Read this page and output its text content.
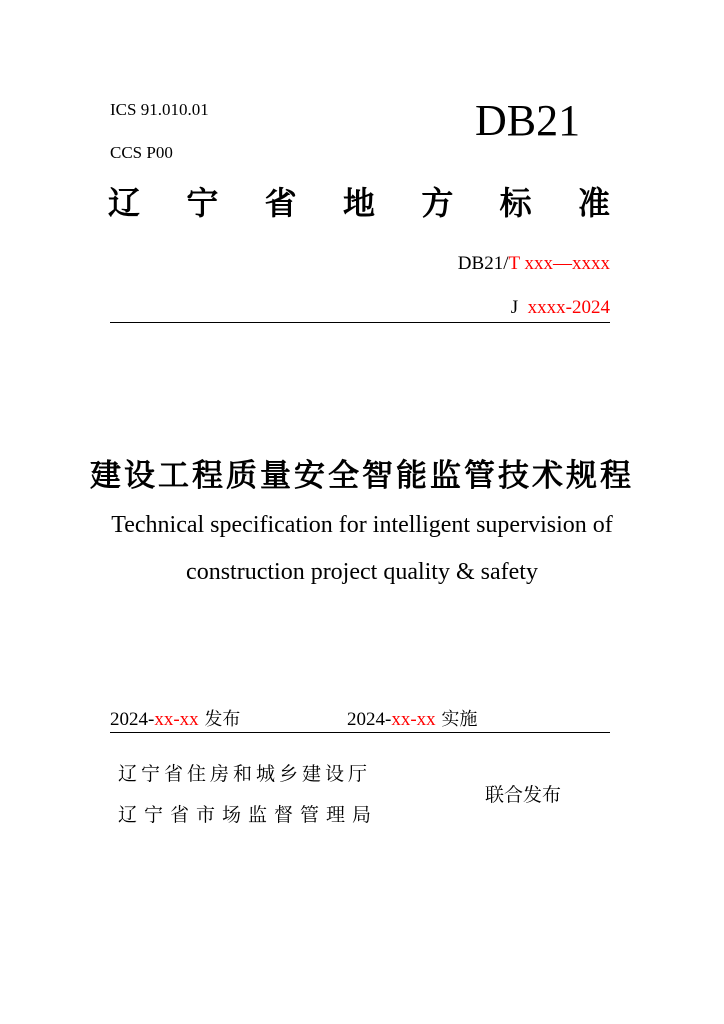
ICS 91.010.01
CCS P00
DB21
辽 宁 省 地 方 标 准
DB21/T xxx—xxxx
J  xxxx-2024
建设工程质量安全智能监管技术规程
Technical specification for intelligent supervision of
construction project quality & safety
2024-xx-xx 发布	2024-xx-xx 实施
辽宁省住房和城乡建设厅
辽宁省市场监督管理局
联合发布
